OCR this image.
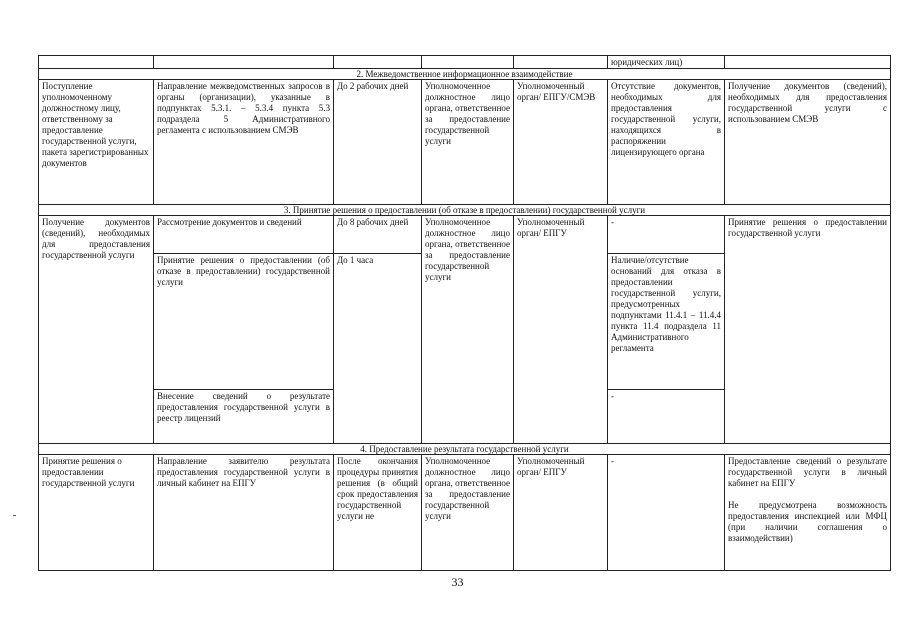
					юридических лиц)	
2. Межведомственное информационное взаимодействие						
Поступление уполномоченному должностному лицу, ответственному за предоставление государственной услуги, пакета зарегистрированных документов	Направление межведомственных запросов в органы (организации), указанные в подпунктах 5.3.1. – 5.3.4 пункта 5.3 подраздела 5 Административного регламента с использованием СМЭВ	До 2 рабочих дней	Уполномоченное должностное лицо органа, ответственное за предоставление государственной услуги	Уполномоченный орган/ ЕПГУ/СМЭВ	Отсутствие документов, необходимых для предоставления государственной услуги, находящихся в распоряжении лицензирующего органа	Получение документов (сведений), необходимых для предоставления государственной услуги с использованием СМЭВ
3. Принятие решения о предоставлении (об отказе в предоставлении) государственной услуги						
Получение документов (сведений), необходимых для предоставления государственной услуги	Рассмотрение документов и сведений	До 8 рабочих дней	Уполномоченное должностное лицо органа, ответственное за предоставление государственной услуги	Уполномоченный орган/ ЕПГУ	-	Принятие решения о предоставлении государственной услуги
	Принятие решения о предоставлении (об отказе в предоставлении) государственной услуги	До 1 часа			Наличие/отсутствие оснований для отказа в предоставлении государственной услуги, предусмотренных подпунктами 11.4.1 – 11.4.4 пункта 11.4 подраздела 11 Административного регламента	
	Внесение сведений о результате предоставления государственной услуги в реестр лицензий				-	
4. Предоставление результата государственной услуги						
Принятие решения о предоставлении государственной услуги	Направление заявителю результата предоставления государственной услуги в личный кабинет на ЕПГУ	После окончания процедуры принятия решения (в общий срок предоставления государственной услуги не	Уполномоченное должностное лицо органа, ответственное за предоставление государственной услуги	Уполномоченный орган/ ЕПГУ	-	Предоставление сведений о результате государственной услуги в личный кабинет на ЕПГУ
Не предусмотрена возможность предоставления инспекцией или МФЦ (при наличии соглашения о взаимодействии)
33
